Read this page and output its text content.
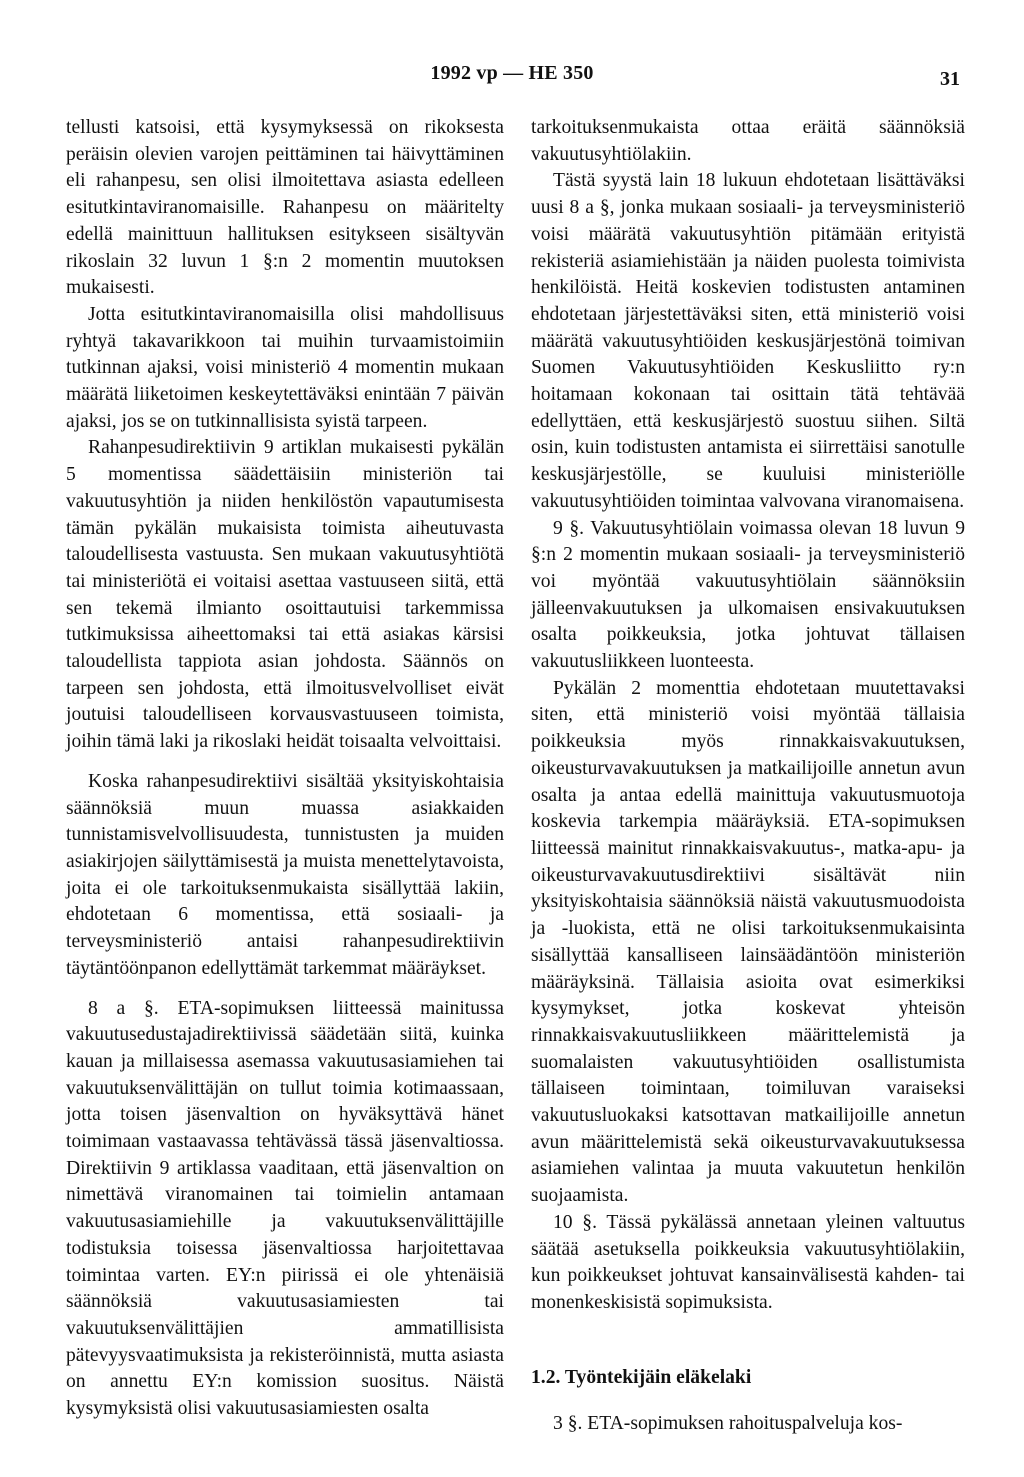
1992 vp — HE 350	31

tellusti katsoisi, että kysymyksessä on rikoksesta peräisin olevien varojen peittäminen tai häivyttäminen eli rahanpesu, sen olisi ilmoitettava asiasta edelleen esitutkintaviranomaisille. Rahanpesu on määritelty edellä mainittuun hallituksen esitykseen sisältyvän rikoslain 32 luvun 1 §:n 2 momentin muutoksen mukaisesti.

Jotta esitutkintaviranomaisilla olisi mahdollisuus ryhtyä takavarikkoon tai muihin turvaamistoimiin tutkinnan ajaksi, voisi ministeriö 4 momentin mukaan määrätä liiketoimen keskeytettäväksi enintään 7 päivän ajaksi, jos se on tutkinnallisista syistä tarpeen.

Rahanpesudirektiivin 9 artiklan mukaisesti pykälän 5 momentissa säädettäisiin ministeriön tai vakuutusyhtiön ja niiden henkilöstön vapautumisesta tämän pykälän mukaisista toimista aiheutuvasta taloudellisesta vastuusta. Sen mukaan vakuutusyhtiötä tai ministeriötä ei voitaisi asettaa vastuuseen siitä, että sen tekemä ilmianto osoittautuisi tarkemmissa tutkimuksissa aiheettomaksi tai että asiakas kärsisi taloudellista tappiota asian johdosta. Säännös on tarpeen sen johdosta, että ilmoitusvelvolliset eivät joutuisi taloudelliseen korvausvastuuseen toimista, joihin tämä laki ja rikoslaki heidät toisaalta velvoittaisi.

Koska rahanpesudirektiivi sisältää yksityiskohtaisia säännöksiä muun muassa asiakkaiden tunnistamisvelvollisuudesta, tunnistusten ja muiden asiakirjojen säilyttämisestä ja muista menettelytavoista, joita ei ole tarkoituksenmukaista sisällyttää lakiin, ehdotetaan 6 momentissa, että sosiaali- ja terveysministeriö antaisi rahanpesudirektiivin täytäntöönpanon edellyttämät tarkemmat määräykset.

8 a §. ETA-sopimuksen liitteessä mainitussa vakuutusedustajadirektiivissä säädetään siitä, kuinka kauan ja millaisessa asemassa vakuutusasiamiehen tai vakuutuksenvälittäjän on tullut toimia kotimaassaan, jotta toisen jäsenvaltion on hyväksyttävä hänet toimimaan vastaavassa tehtävässä tässä jäsenvaltiossa. Direktiivin 9 artiklassa vaaditaan, että jäsenvaltion on nimettävä viranomainen tai toimielin antamaan vakuutusasiamiehille ja vakuutuksenvälittäjille todistuksia toisessa jäsenvaltiossa harjoitettavaa toimintaa varten. EY:n piirissä ei ole yhtenäisiä säännöksiä vakuutusasiamiesten tai vakuutuksenvälittäjien ammatillisista pätevyysvaatimuksista ja rekisteröinnistä, mutta asiasta on annettu EY:n komission suositus. Näistä kysymyksistä olisi vakuutusasiamiesten osalta

tarkoituksenmukaista ottaa eräitä säännöksiä vakuutusyhtiölakiin.

Tästä syystä lain 18 lukuun ehdotetaan lisättäväksi uusi 8 a §, jonka mukaan sosiaali- ja terveysministeriö voisi määrätä vakuutusyhtiön pitämään erityistä rekisteriä asiamiehistään ja näiden puolesta toimivista henkilöistä. Heitä koskevien todistusten antaminen ehdotetaan järjestettäväksi siten, että ministeriö voisi määrätä vakuutusyhtiöiden keskusjärjestönä toimivan Suomen Vakuutusyhtiöiden Keskusliitto ry:n hoitamaan kokonaan tai osittain tätä tehtävää edellyttäen, että keskusjärjestö suostuu siihen. Siltä osin, kuin todistusten antamista ei siirrettäisi sanotulle keskusjärjestölle, se kuuluisi ministeriölle vakuutusyhtiöiden toimintaa valvovana viranomaisena.

9 §. Vakuutusyhtiölain voimassa olevan 18 luvun 9 §:n 2 momentin mukaan sosiaali- ja terveysministeriö voi myöntää vakuutusyhtiölain säännöksiin jälleenvakuutuksen ja ulkomaisen ensivakuutuksen osalta poikkeuksia, jotka johtuvat tällaisen vakuutusliikkeen luonteesta.

Pykälän 2 momenttia ehdotetaan muutettavaksi siten, että ministeriö voisi myöntää tällaisia poikkeuksia myös rinnakkaisvakuutuksen, oikeusturvavakuutuksen ja matkailijoille annetun avun osalta ja antaa edellä mainittuja vakuutusmuotoja koskevia tarkempia määräyksiä. ETA-sopimuksen liitteessä mainitut rinnakkaisvakuutus-, matka-apu- ja oikeusturvavakuutusdirektiivi sisältävät niin yksityiskohtaisia säännöksiä näistä vakuutusmuodoista ja -luokista, että ne olisi tarkoituksenmukaisinta sisällyttää kansalliseen lainsäädäntöön ministeriön määräyksinä. Tällaisia asioita ovat esimerkiksi kysymykset, jotka koskevat yhteisön rinnakkaisvakuutusliikkeen määrittelemistä ja suomalaisten vakuutusyhtiöiden osallistumista tällaiseen toimintaan, toimiluvan varaiseksi vakuutusluokaksi katsottavan matkailijoille annetun avun määrittelemistä sekä oikeusturvavakuutuksessa asiamiehen valintaa ja muuta vakuutetun henkilön suojaamista.

10 §. Tässä pykälässä annetaan yleinen valtuutus säätää asetuksella poikkeuksia vakuutusyhtiölakiin, kun poikkeukset johtuvat kansainvälisestä kahden- tai monenkeskisistä sopimuksista.

1.2. Työntekijäin eläkelaki

3 §. ETA-sopimuksen rahoituspalveluja kos-
